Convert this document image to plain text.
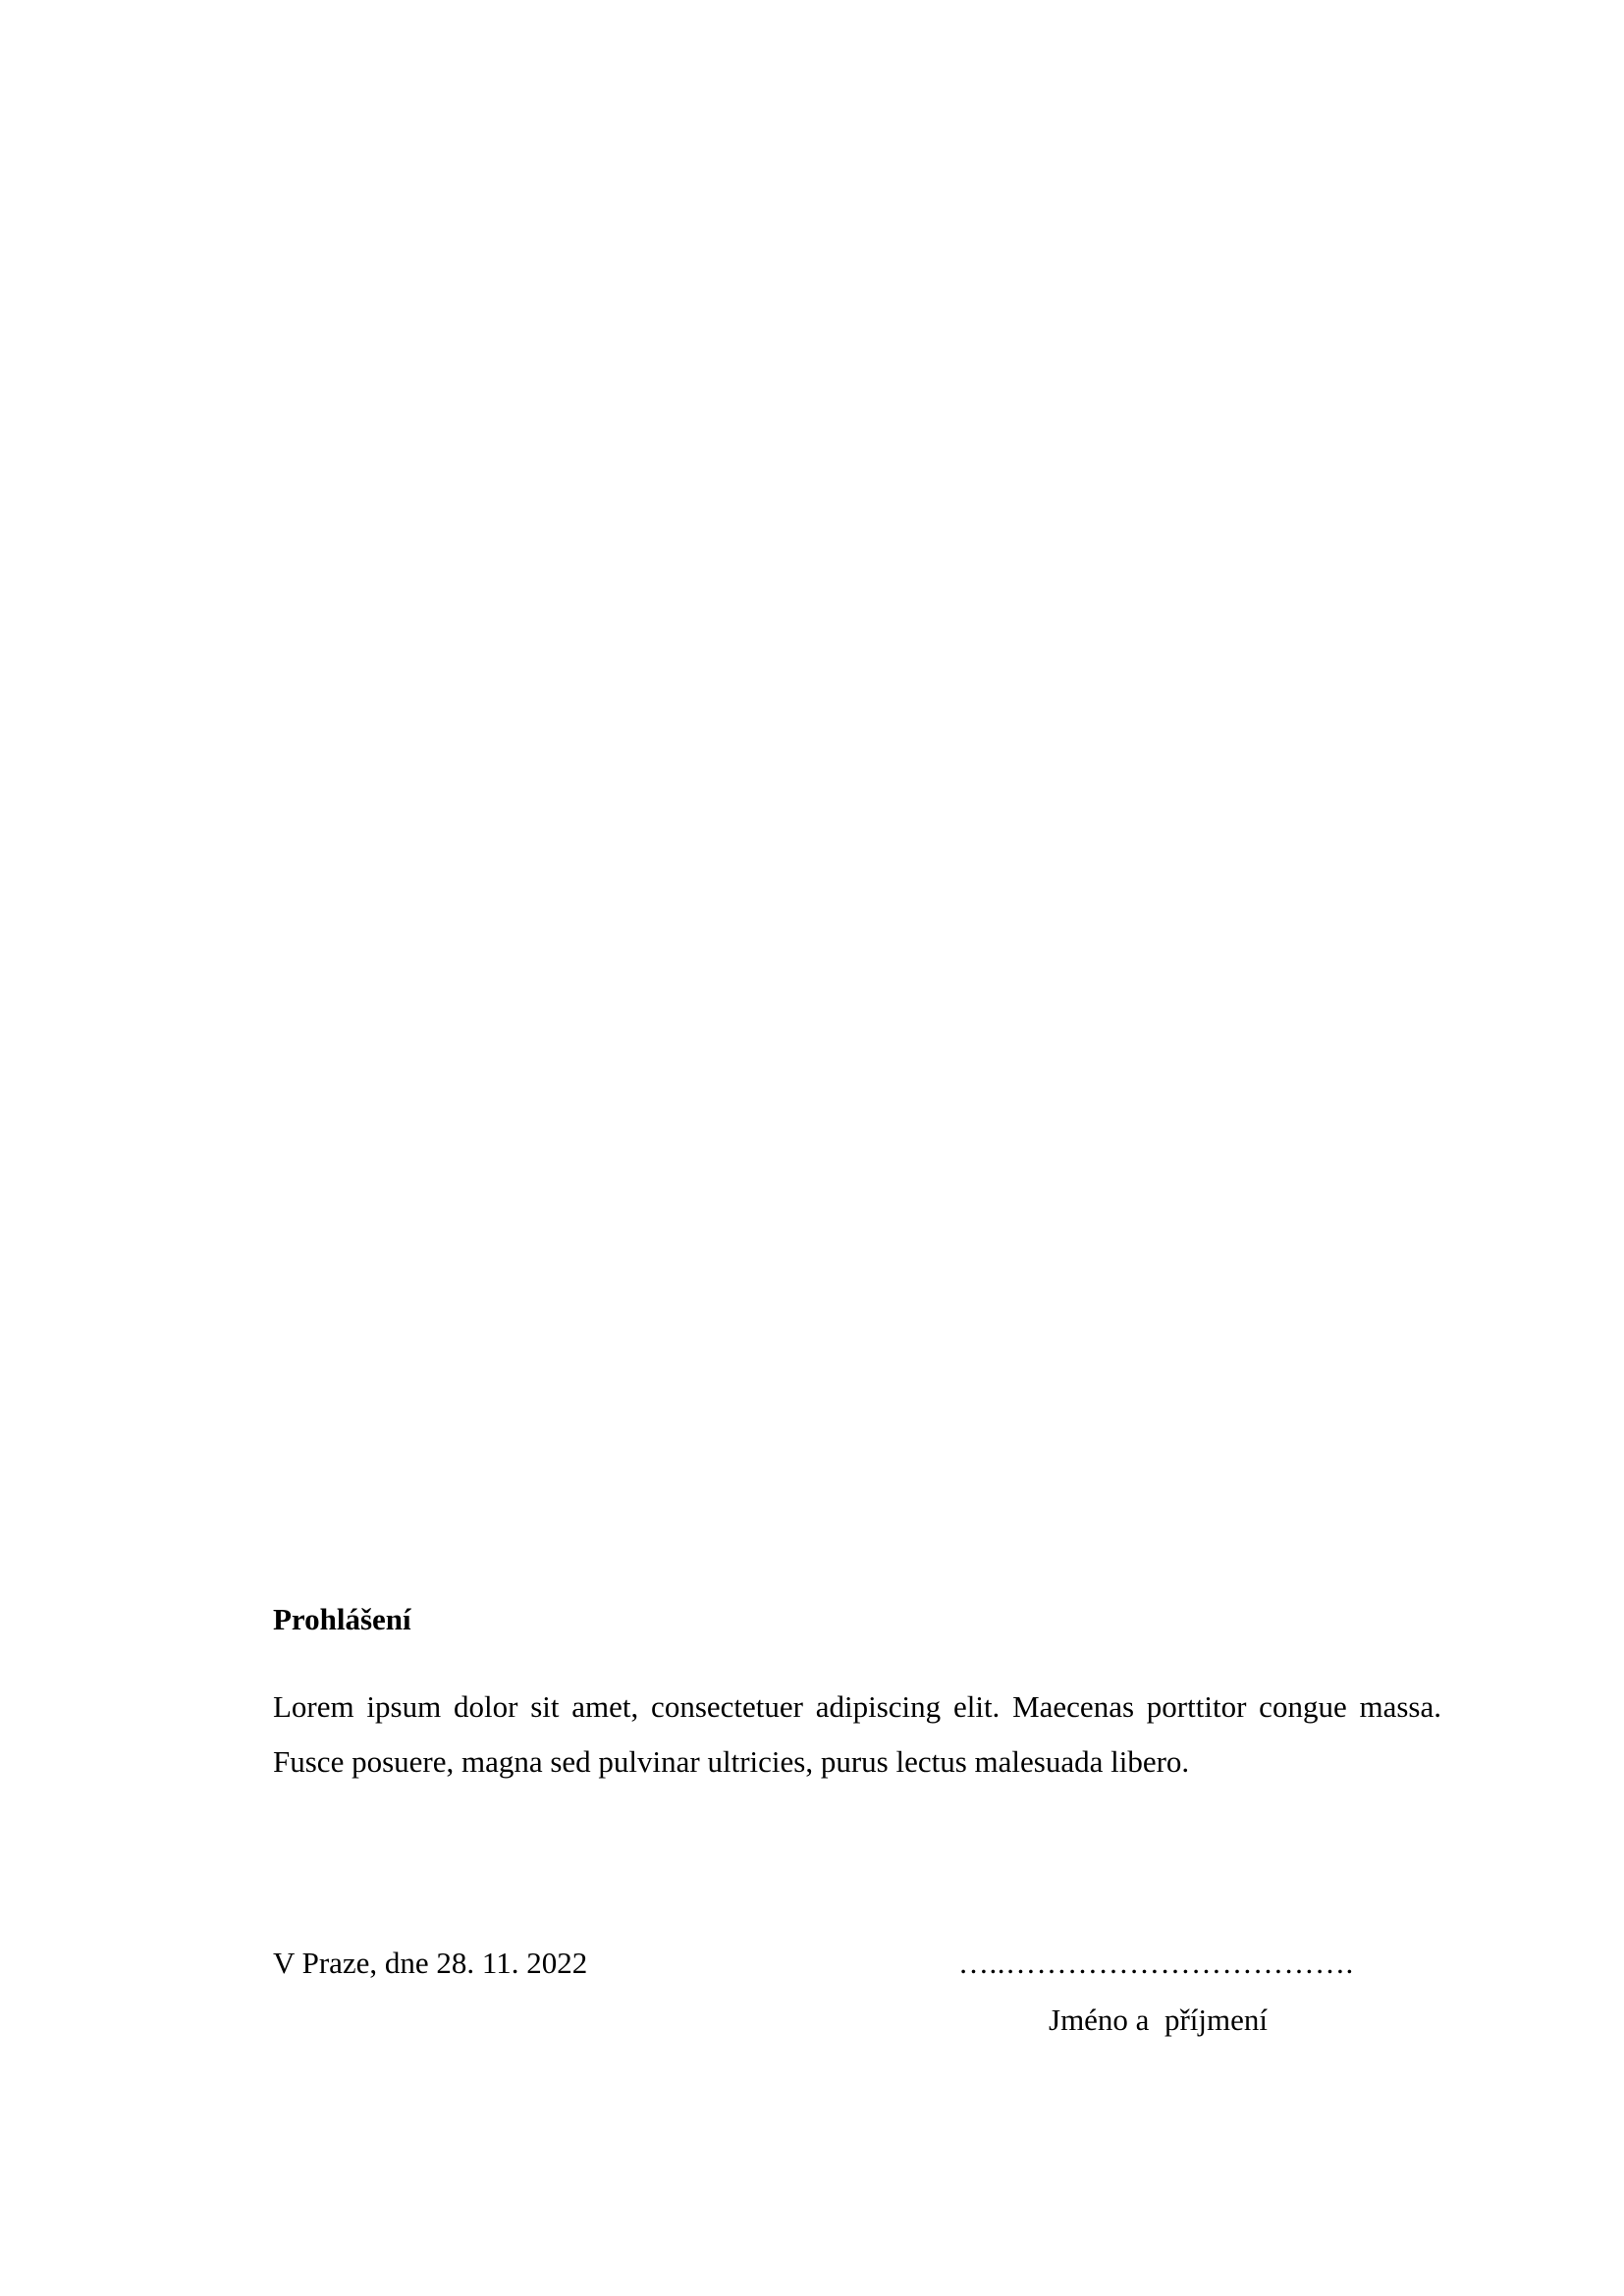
Prohlášení

Lorem ipsum dolor sit amet, consectetuer adipiscing elit. Maecenas porttitor congue massa. Fusce posuere, magna sed pulvinar ultricies, purus lectus malesuada libero.

V Praze, dne 28. 11. 2022	…..…………………………….
Jméno a  příjmení
